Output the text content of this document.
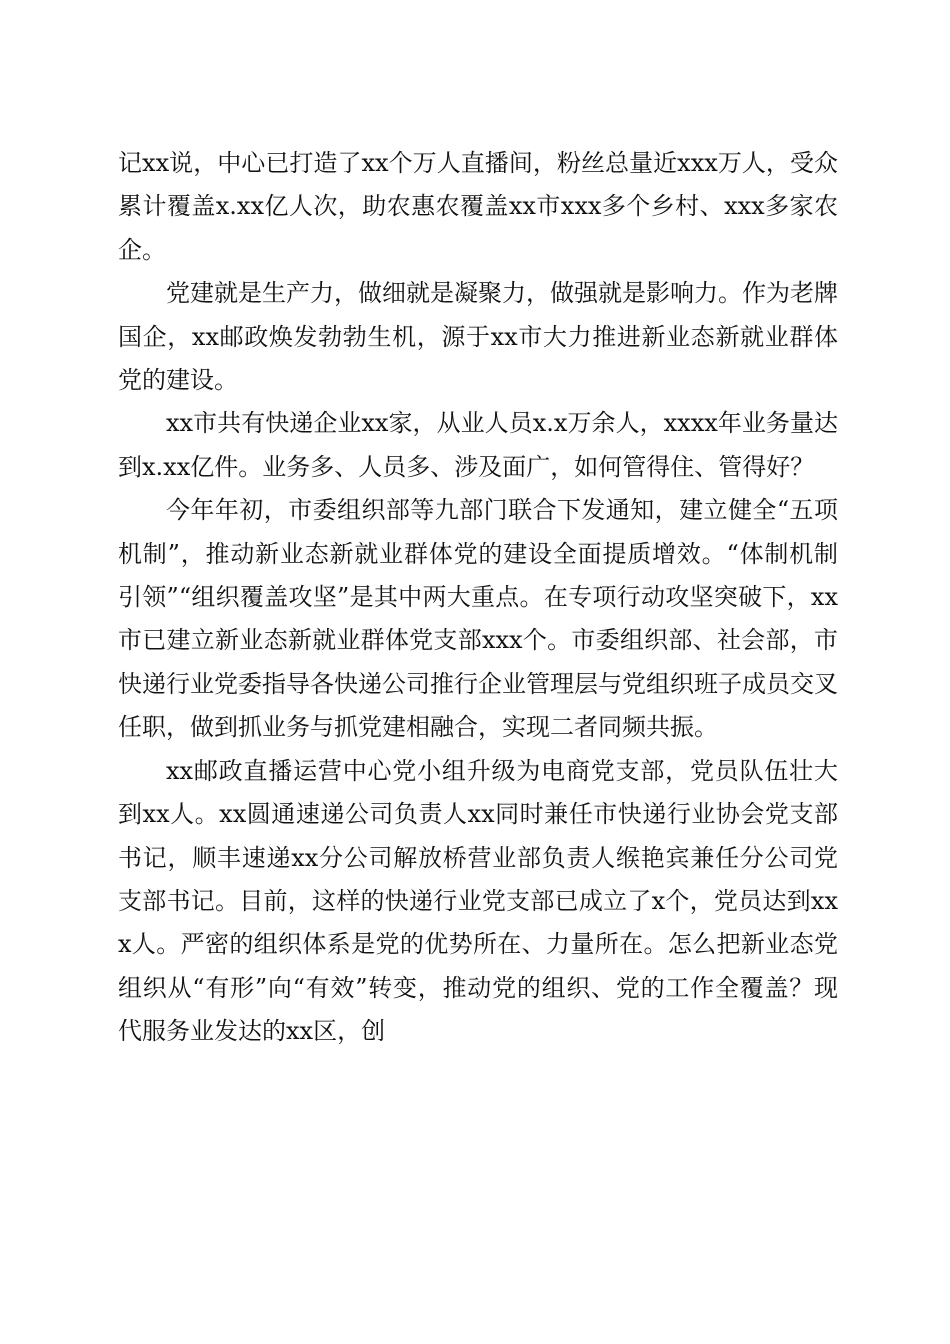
记xx说，中心已打造了xx个万人直播间，粉丝总量近xxx万人，受众累计覆盖x.xx亿人次，助农惠农覆盖xx市xxx多个乡村、xxx多家农企。

党建就是生产力，做细就是凝聚力，做强就是影响力。作为老牌国企，xx邮政焕发勃勃生机，源于xx市大力推进新业态新就业群体党的建设。

xx市共有快递企业xx家，从业人员x.x万余人，xxxx年业务量达到x.xx亿件。业务多、人员多、涉及面广，如何管得住、管得好？

今年年初，市委组织部等九部门联合下发通知，建立健全“五项机制”，推动新业态新就业群体党的建设全面提质增效。“体制机制引领”“组织覆盖攻坚”是其中两大重点。在专项行动攻坚突破下，xx市已建立新业态新就业群体党支部xxx个。市委组织部、社会部，市快递行业党委指导各快递公司推行企业管理层与党组织班子成员交叉任职，做到抓业务与抓党建相融合，实现二者同频共振。

xx邮政直播运营中心党小组升级为电商党支部，党员队伍壮大到xx人。xx圆通速递公司负责人xx同时兼任市快递行业协会党支部书记，顺丰速递xx分公司解放桥营业部负责人缑艳宾兼任分公司党支部书记。目前，这样的快递行业党支部已成立了x个，党员达到xxx人。严密的组织体系是党的优势所在、力量所在。怎么把新业态党组织从“有形”向“有效”转变，推动党的组织、党的工作全覆盖？现代服务业发达的xx区，创
